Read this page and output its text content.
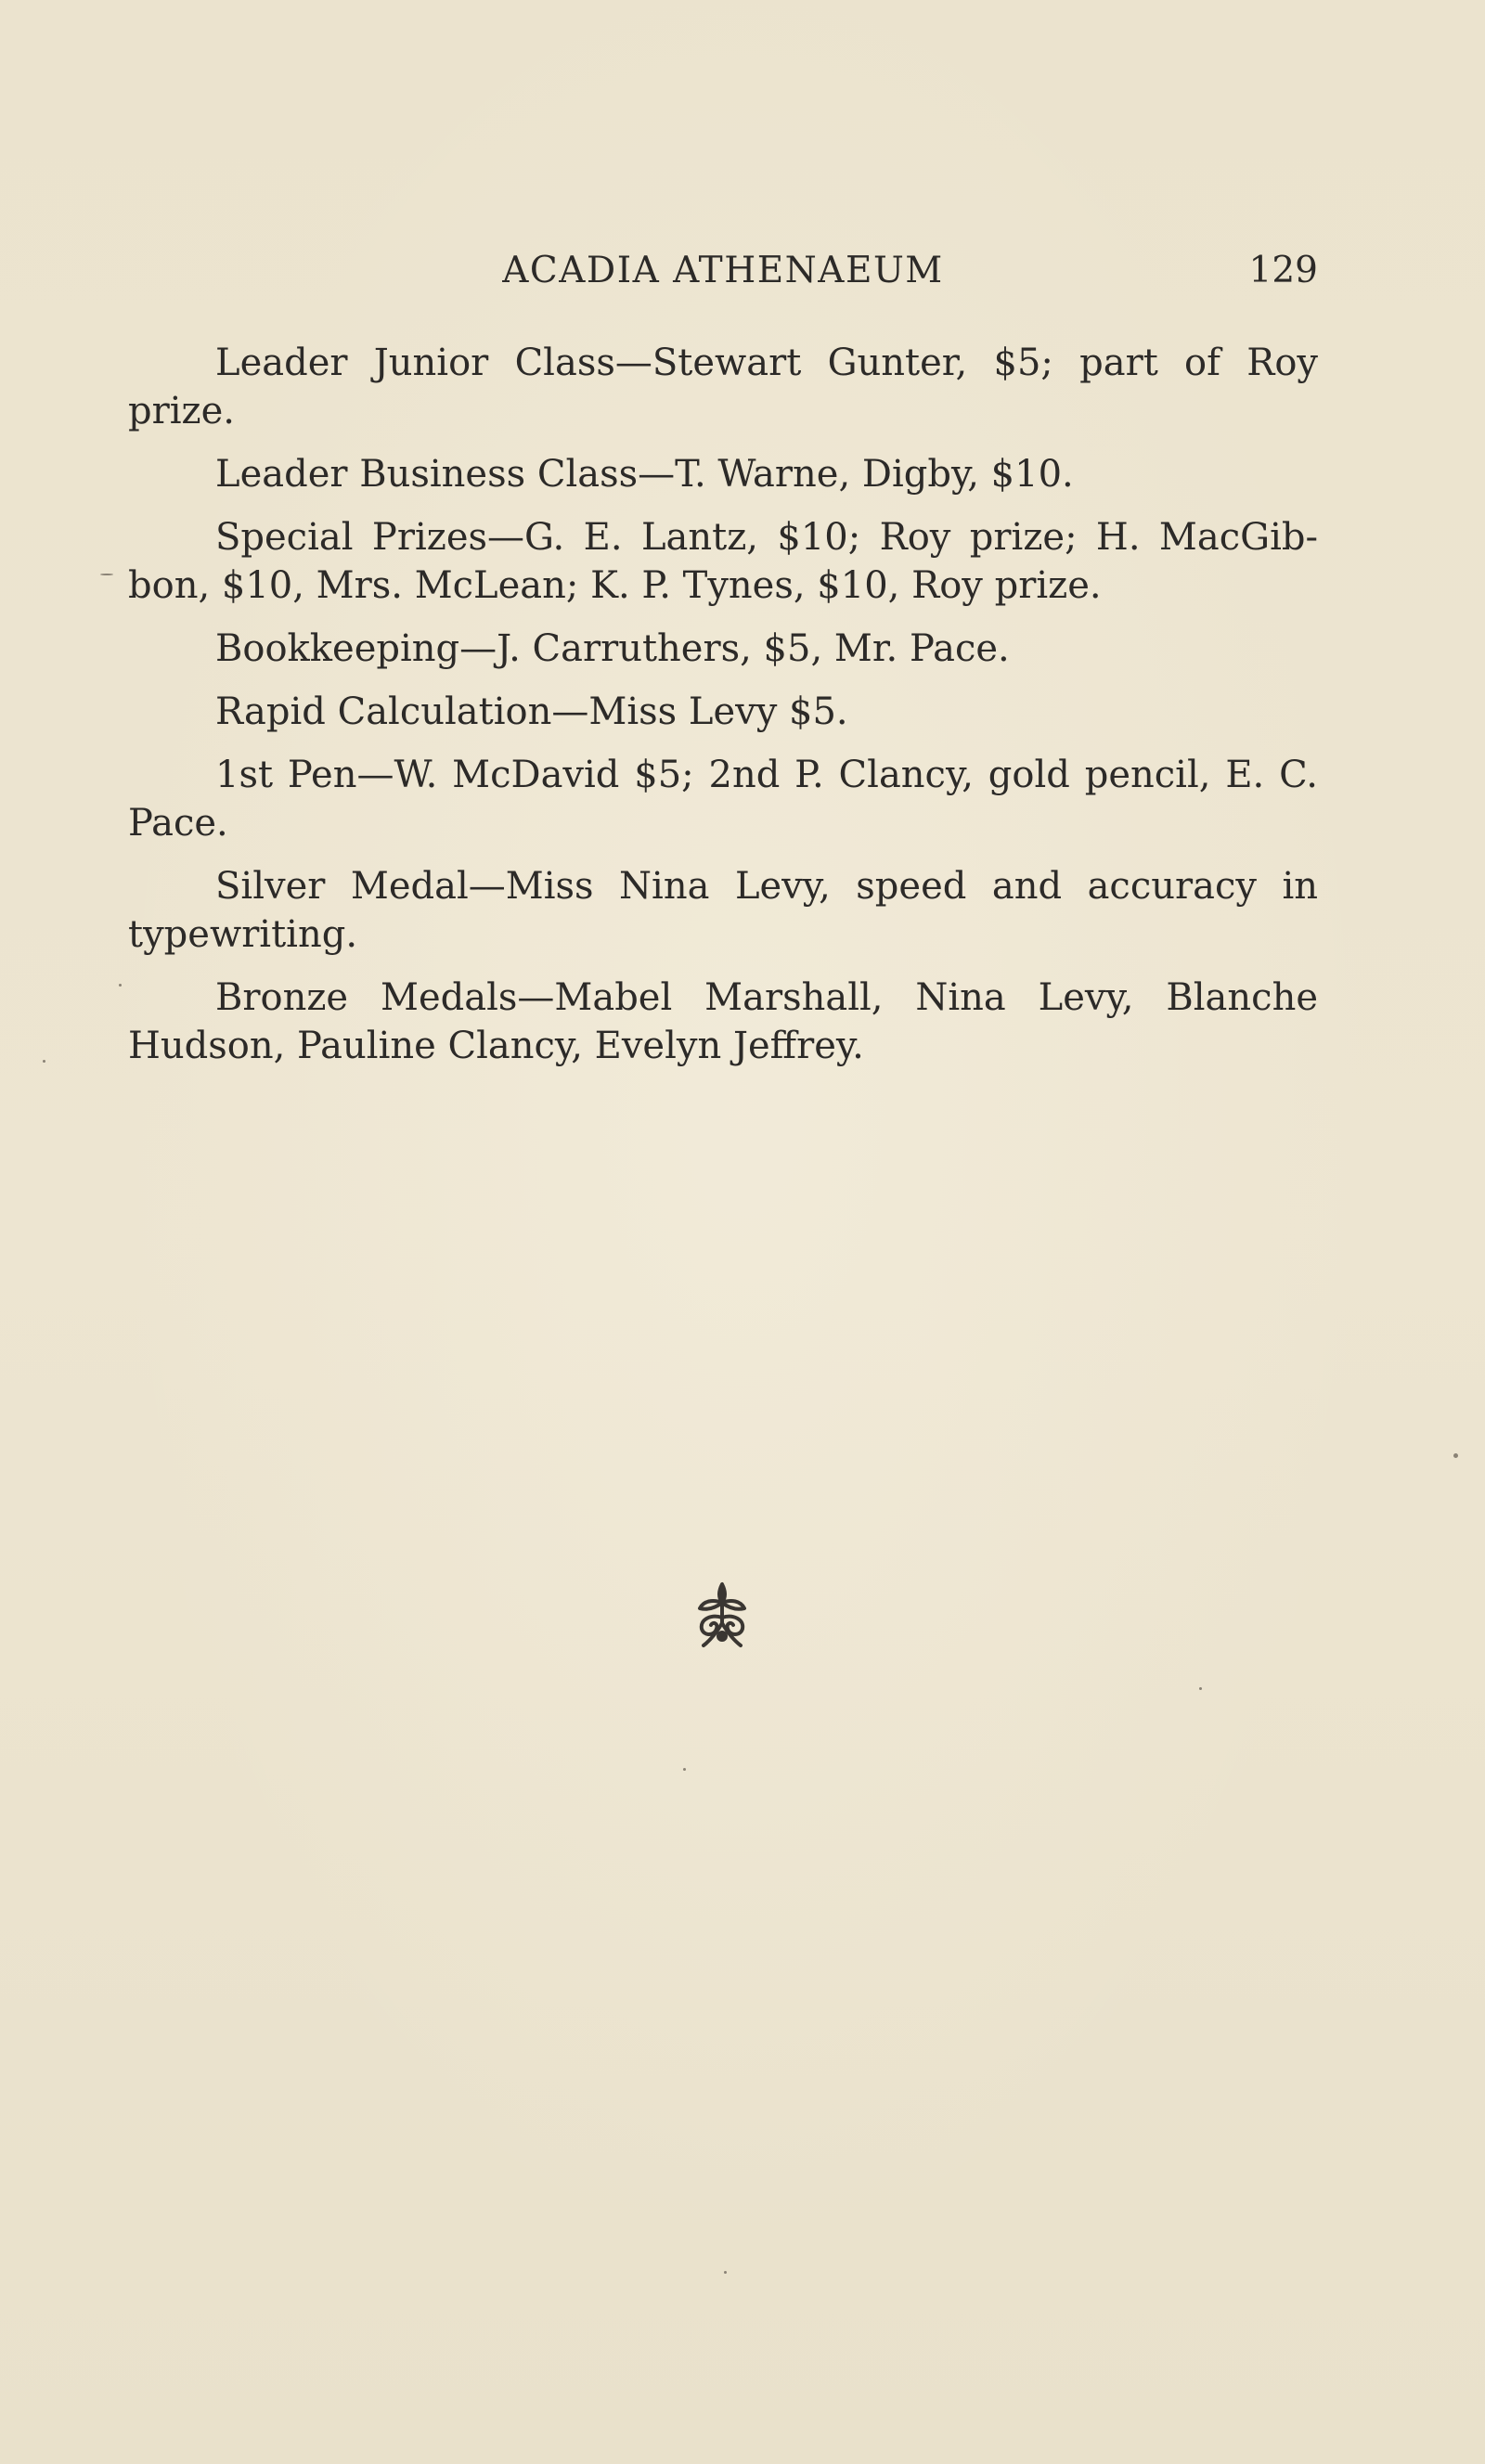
ACADIA ATHENAEUM	129

Leader Junior Class—Stewart Gunter, $5; part of Roy prize.

Leader Business Class—T. Warne, Digby, $10.

Special Prizes—G. E. Lantz, $10; Roy prize; H. MacGib-bon, $10, Mrs. McLean; K. P. Tynes, $10, Roy prize.

Bookkeeping—J. Carruthers, $5, Mr. Pace.

Rapid Calculation—Miss Levy $5.

1st Pen—W. McDavid $5; 2nd P. Clancy, gold pencil, E. C. Pace.

Silver Medal—Miss Nina Levy, speed and accuracy in typewriting.

Bronze Medals—Mabel Marshall, Nina Levy, Blanche Hudson, Pauline Clancy, Evelyn Jeffrey.
